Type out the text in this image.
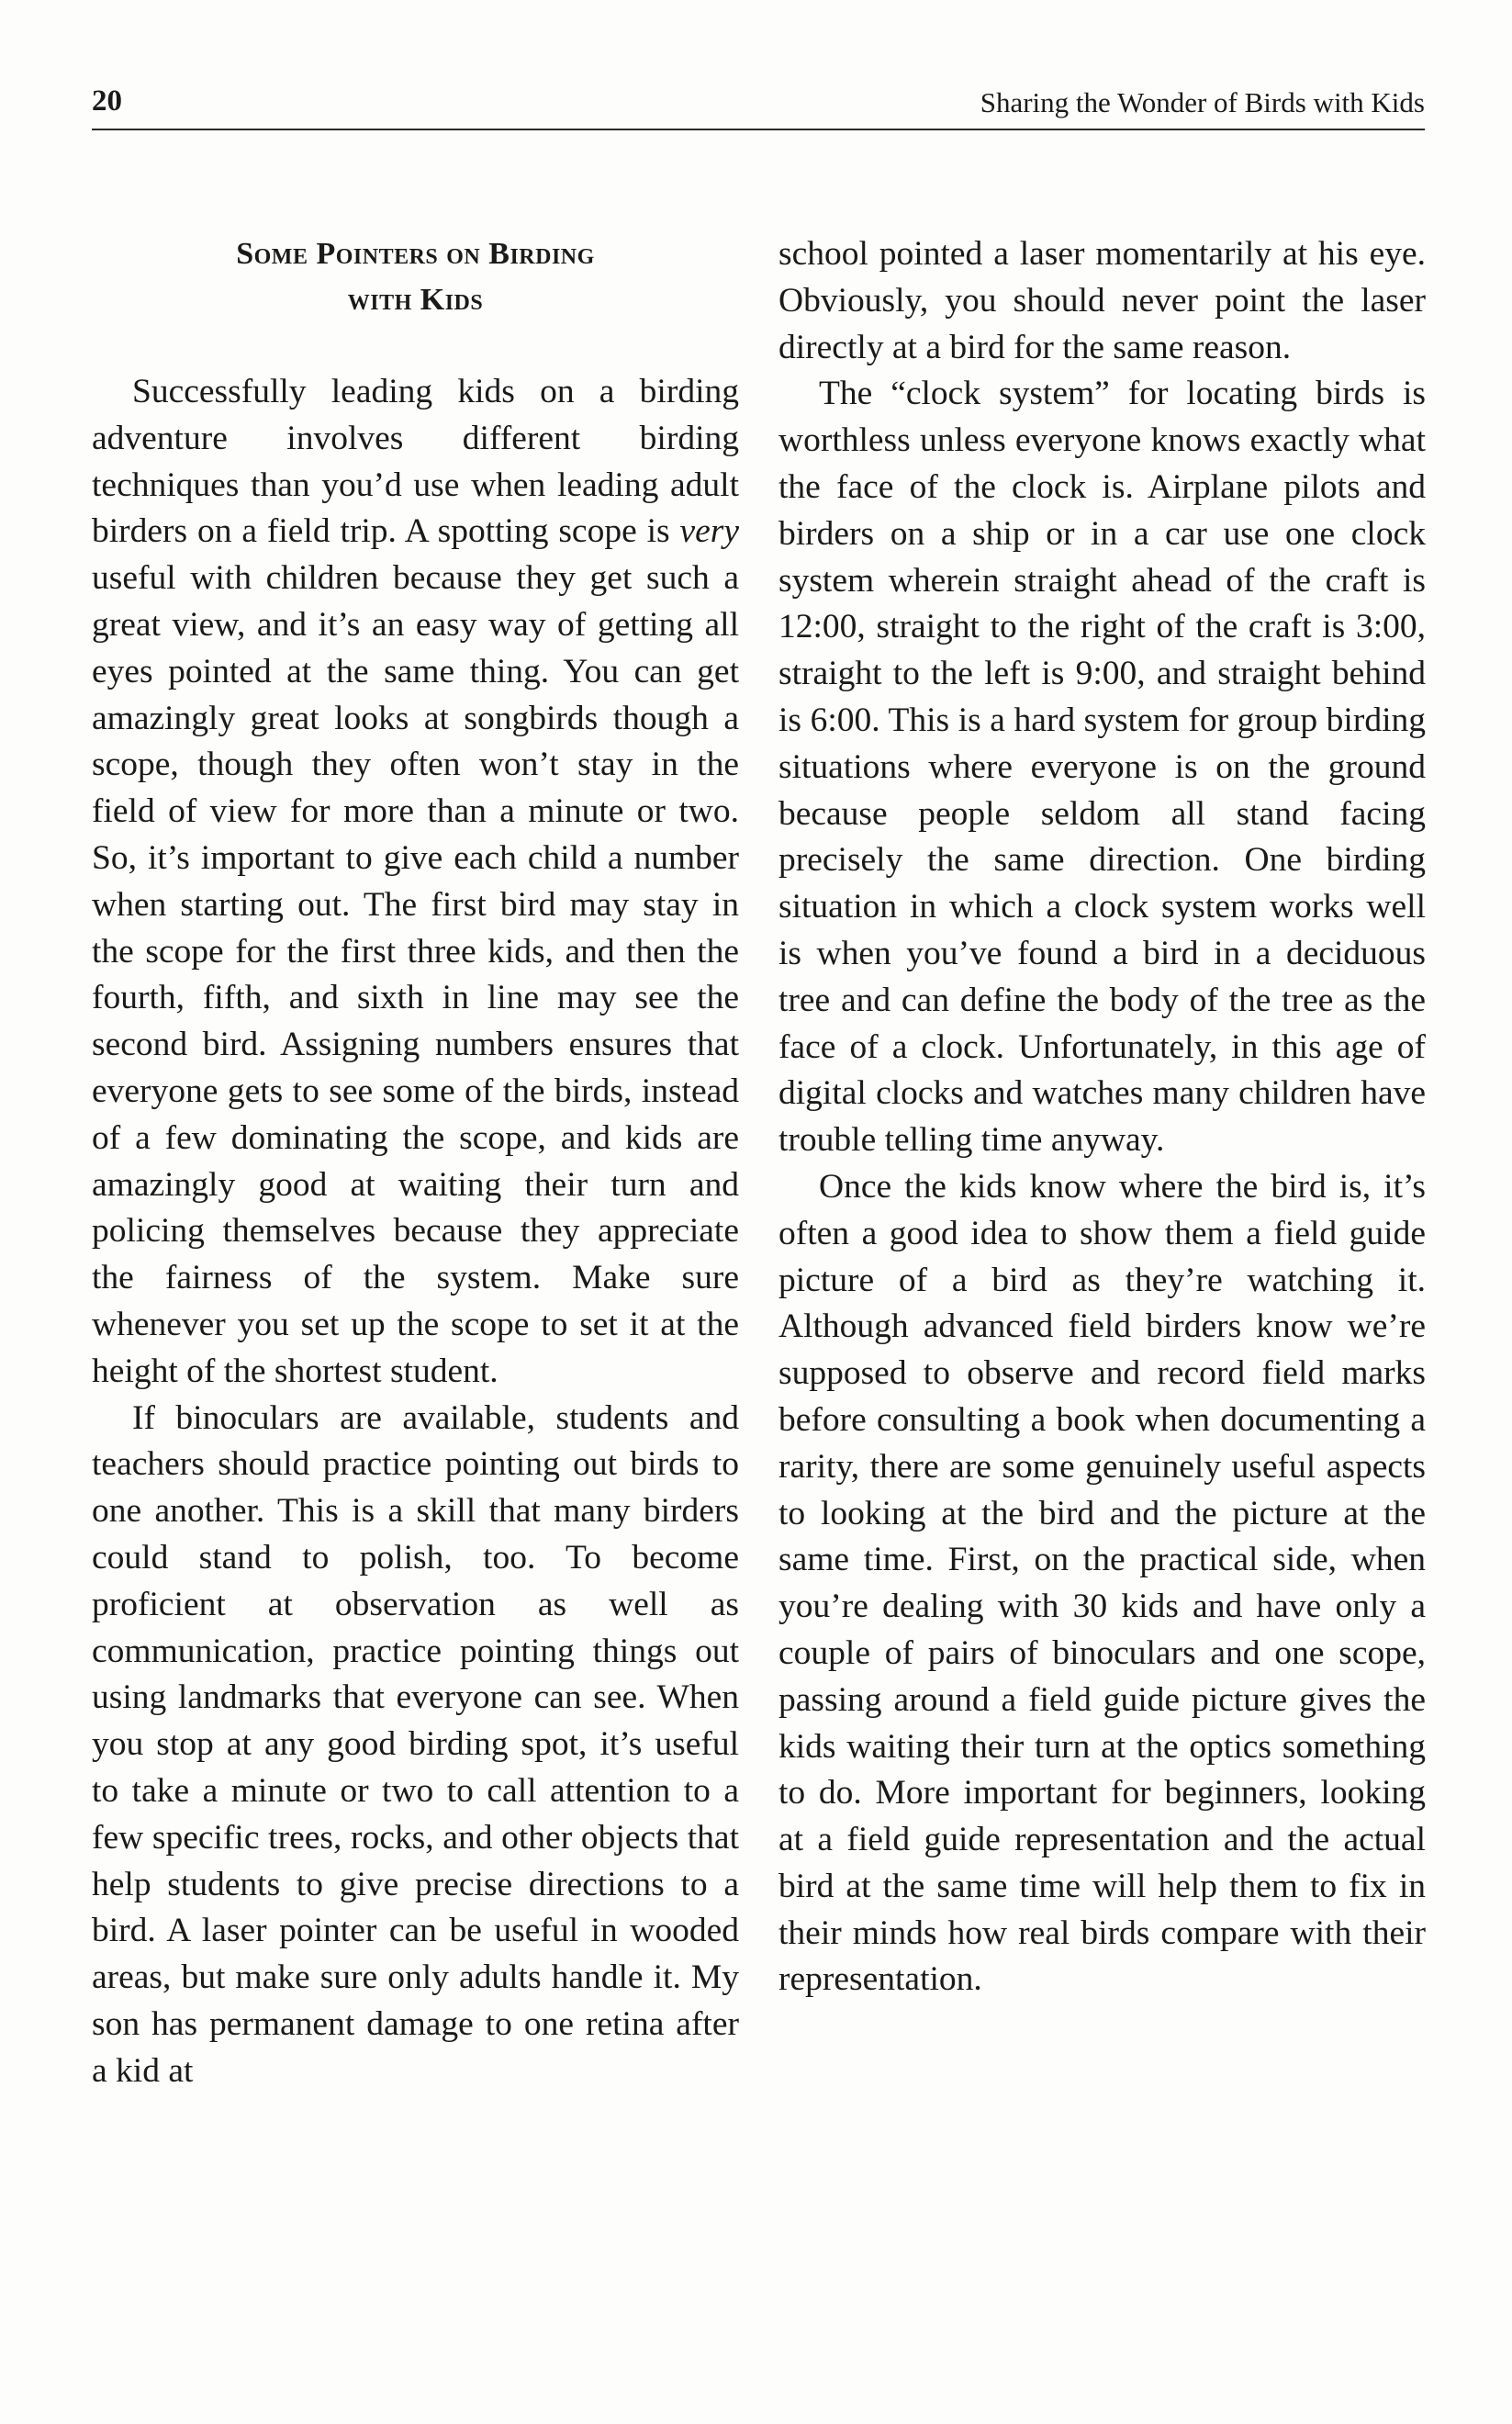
20	Sharing the Wonder of Birds with Kids
Some Pointers on Birding
with Kids

Successfully leading kids on a birding adventure involves different birding techniques than you’d use when leading adult birders on a field trip. A spotting scope is very useful with children because they get such a great view, and it’s an easy way of getting all eyes pointed at the same thing. You can get amazingly great looks at songbirds though a scope, though they often won’t stay in the field of view for more than a minute or two. So, it’s important to give each child a number when starting out. The first bird may stay in the scope for the first three kids, and then the fourth, fifth, and sixth in line may see the second bird. Assigning numbers ensures that everyone gets to see some of the birds, instead of a few dominating the scope, and kids are amazingly good at waiting their turn and policing themselves because they appreciate the fairness of the system. Make sure whenever you set up the scope to set it at the height of the shortest student.

If binoculars are available, students and teachers should practice pointing out birds to one another. This is a skill that many birders could stand to polish, too. To become proficient at observation as well as communication, practice pointing things out using landmarks that everyone can see. When you stop at any good birding spot, it’s useful to take a minute or two to call attention to a few specific trees, rocks, and other objects that help students to give precise directions to a bird. A laser pointer can be useful in wooded areas, but make sure only adults handle it. My son has permanent damage to one retina after a kid at

school pointed a laser momentarily at his eye. Obviously, you should never point the laser directly at a bird for the same reason.

The “clock system” for locating birds is worthless unless everyone knows exactly what the face of the clock is. Airplane pilots and birders on a ship or in a car use one clock system wherein straight ahead of the craft is 12:00, straight to the right of the craft is 3:00, straight to the left is 9:00, and straight behind is 6:00. This is a hard system for group birding situations where everyone is on the ground because people seldom all stand facing precisely the same direction. One birding situation in which a clock system works well is when you’ve found a bird in a deciduous tree and can define the body of the tree as the face of a clock. Unfortunately, in this age of digital clocks and watches many children have trouble telling time anyway.

Once the kids know where the bird is, it’s often a good idea to show them a field guide picture of a bird as they’re watching it. Although advanced field birders know we’re supposed to observe and record field marks before consulting a book when documenting a rarity, there are some genuinely useful aspects to looking at the bird and the picture at the same time. First, on the practical side, when you’re dealing with 30 kids and have only a couple of pairs of binoculars and one scope, passing around a field guide picture gives the kids waiting their turn at the optics something to do. More important for beginners, looking at a field guide representation and the actual bird at the same time will help them to fix in their minds how real birds compare with their representation.
